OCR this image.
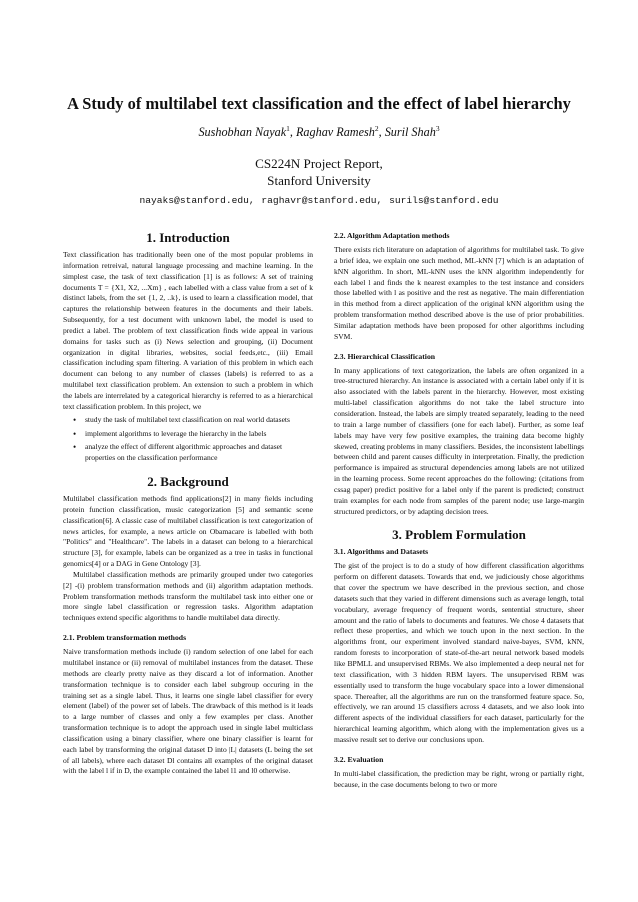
A Study of multilabel text classification and the effect of label hierarchy
Sushobhan Nayak$^1$, Raghav Ramesh$^2$, Suril Shah$^3$
CS224N Project Report,
Stanford University
nayaks@stanford.edu, raghavr@stanford.edu, surils@stanford.edu
1. Introduction

Text classification has traditionally been one of the most popular problems in information retreival, natural language processing and machine learning. In the simplest case, the task of text classification [1] is as follows: A set of training documents T = {X1, X2, ...Xm} , each labelled with a class value from a set of k distinct labels, from the set {1, 2, ..k}, is used to learn a classification model, that captures the relationship between features in the documents and their labels. Subsequently, for a test document with unknown label, the model is used to predict a label. The problem of text classification finds wide appeal in various domains for tasks such as (i) News selection and grouping, (ii) Document organization in digital libraries, websites, social feeds,etc., (iii) Email classification including spam filtering. A variation of this problem in which each document can belong to any number of classes (labels) is referred to as a multilabel text classification problem. An extension to such a problem in which the labels are interrelated by a categorical hierarchy is referred to as a hierarchical text classification problem. In this project, we

• study the task of multilabel text classification on real world datasets
• implement algorithms to leverage the hierarchy in the labels
• analyze the effect of different algorithmic approaches and dataset properties on the classification performance
2. Background

Multilabel classification methods find applications[2] in many fields including protein function classification, music categorization [5] and semantic scene classification[6]. A classic case of multilabel classification is text categorization of news articles, for example, a news article on Obamacare is labelled with both "Politics" and "Healthcare". The labels in a dataset can belong to a hierarchical structure [3], for example, labels can be organized as a tree in tasks in functional genomics[4] or a DAG in Gene Ontology [3].

Multilabel classification methods are primarily grouped under two categories [2] -(i) problem transformation methods and (ii) algorithm adaptation methods. Problem transformation methods transform the multilabel task into either one or more single label classification or regression tasks. Algorithm adaptation techniques extend specific algorithms to handle multilabel data directly.

2.1. Problem transformation methods

Naive transformation methods include (i) random selection of one label for each multilabel instance or (ii) removal of multilabel instances from the dataset. These methods are clearly pretty naive as they discard a lot of information. Another transformation technique is to consider each label subgroup occuring in the training set as a single label. Thus, it learns one single label classifier for every element (label) of the power set of labels. The drawback of this method is it leads to a large number of classes and only a few examples per class. Another transformation technique is to adopt the approach used in single label multiclass classification using a binary classifier, where one binary classifier is learnt for each label by transforming the original dataset D into |L| datasets (L being the set of all labels), where each dataset Dl contains all examples of the original dataset with the label l if in D, the example contained the label l1 and l0 otherwise.

2.2. Algorithm Adaptation methods

There exists rich literature on adaptation of algorithms for multilabel task. To give a brief idea, we explain one such method, ML-kNN [7] which is an adaptation of kNN algorithm. In short, ML-kNN uses the kNN algorithm independently for each label l and finds the k nearest examples to the test instance and considers those labelled with l as positive and the rest as negative. The main differentiation in this method from a direct application of the original kNN algorithm using the problem transformation method described above is the use of prior probabilities. Similar adaptation methods have been proposed for other algorithms including SVM.

2.3. Hierarchical Classification

In many applications of text categorization, the labels are often organized in a tree-structured hierarchy. An instance is associated with a certain label only if it is also associated with the labels parent in the hierarchy. However, most existing multi-label classification algorithms do not take the label structure into consideration. Instead, the labels are simply treated separately, leading to the need to train a large number of classifiers (one for each label). Further, as some leaf labels may have very few positive examples, the training data become highly skewed, creating problems in many classifiers. Besides, the inconsistent labellings between child and parent causes difficulty in interpretation. Finally, the prediction performance is impaired as structural dependencies among labels are not utilized in the learning process. Some recent approaches do the following: (citations from cssag paper) predict positive for a label only if the parent is predicted; construct train examples for each node from samples of the parent node; use large-margin structured predictors, or by adapting decision trees.

3. Problem Formulation
3.1. Algorithms and Datasets

The gist of the project is to do a study of how different classification algorithms perform on different datasets. Towards that end, we judiciously chose algorithms that cover the spectrum we have described in the previous section, and chose datasets such that they varied in different dimensions such as average length, total vocabulary, average frequency of frequent words, sentential structure, sheer amount and the ratio of labels to documents and features. We chose 4 datasets that reflect these properties, and which we touch upon in the next section. In the algorithms front, our experiment involved standard naive-bayes, SVM, kNN, random forests to incorporation of state-of-the-art neural network based models like BPMLL and unsupervised RBMs. We also implemented a deep neural net for text classification, with 3 hidden RBM layers. The unsupervised RBM was essentially used to transform the huge vocabulary space into a lower dimensional space. Thereafter, all the algorithms are run on the transformed feature space. So, effectively, we ran around 15 classifiers across 4 datasets, and we also look into different aspects of the individual classifiers for each dataset, particularly for the hierarchical learning algorithm, which along with the implementation gives us a massive result set to derive our conclusions upon.

3.2. Evaluation

In multi-label classification, the prediction may be right, wrong or partially right, because, in the case documents belong to two or more
